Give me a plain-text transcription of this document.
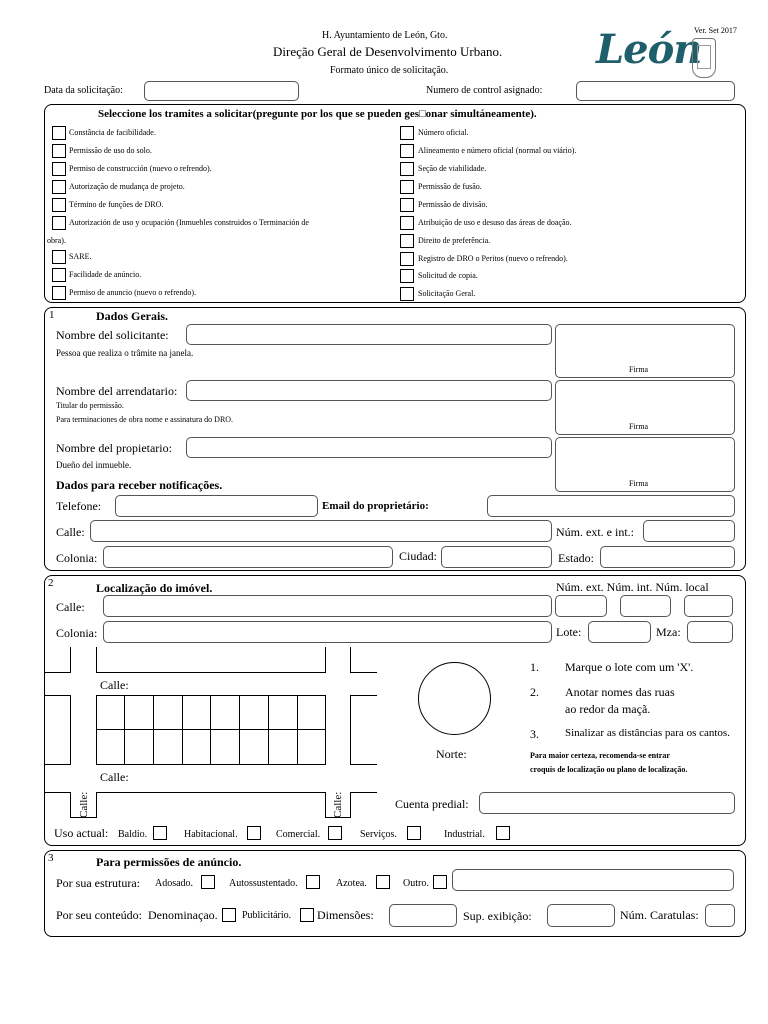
H. Ayuntamiento de León, Gto.
Direção Geral de Desenvolvimento Urbano.
Formato único de solicitação.
Ver. Set 2017
León
Data da solicitação:	Numero de control asignado:
Seleccione los tramites a solicitar(pregunte por los que se pueden ges□onar simultáneamente).
Constância de facibilidade.
Permissão de uso do solo.
Permiso de construcción (nuevo o refrendo).
Autorização de mudança de projeto.
Término de funções de DRO.
Autorización de uso y ocupación (Inmuebles construidos o Terminación de
obra).
SARE.
Facilidade de anúncio.
Permiso de anuncio (nuevo o refrendo).
Número oficial.
Alineamento e número oficial (normal ou viário).
Seção de viabilidade.
Permissão de fusão.
Permissão de divisão.
Atribuição de uso e desuso das áreas de doação.
Direito de preferência.
Registro de DRO o Peritos (nuevo o refrendo).
Solicitud de copia.
Solicitação Geral.
1	Dados Gerais.
Nombre del solicitante:
Pessoa que realiza o trâmite na janela.
Firma
Nombre del arrendatario:
Titular do permissão.
Para terminaciones de obra nome e assinatura do DRO.
Firma
Nombre del propietario:
Dueño del inmueble.
Firma
Dados para receber notificações.
Telefone:	Email do proprietário:
Calle:	Núm. ext. e int.:
Colonia:	Ciudad:	Estado:
2	Localização do imóvel.	Núm. ext. Núm. int. Núm. local
Calle:
Colonia:	Lote:	Mza:
Calle:
Calle:
Calle:	Calle:
Norte:
1. Marque o lote com um 'X'.
2. Anotar nomes das ruas
ao redor da maçã.
3. Sinalizar as distâncias para os cantos.
Para maior certeza, recomenda-se entrar
croquis de localização ou plano de localização.
Cuenta predial:
Uso actual: Baldio.	Habitacional.	Comercial.	Serviços.	Industrial.
3	Para permissões de anúncio.
Por sua estrutura: Adosado.	Autossustentado.	Azotea.	Outro.
Por seu conteúdo: Denominaçao. Publicitário. Dimensões:	Sup. exibição:	Núm. Caratulas:
